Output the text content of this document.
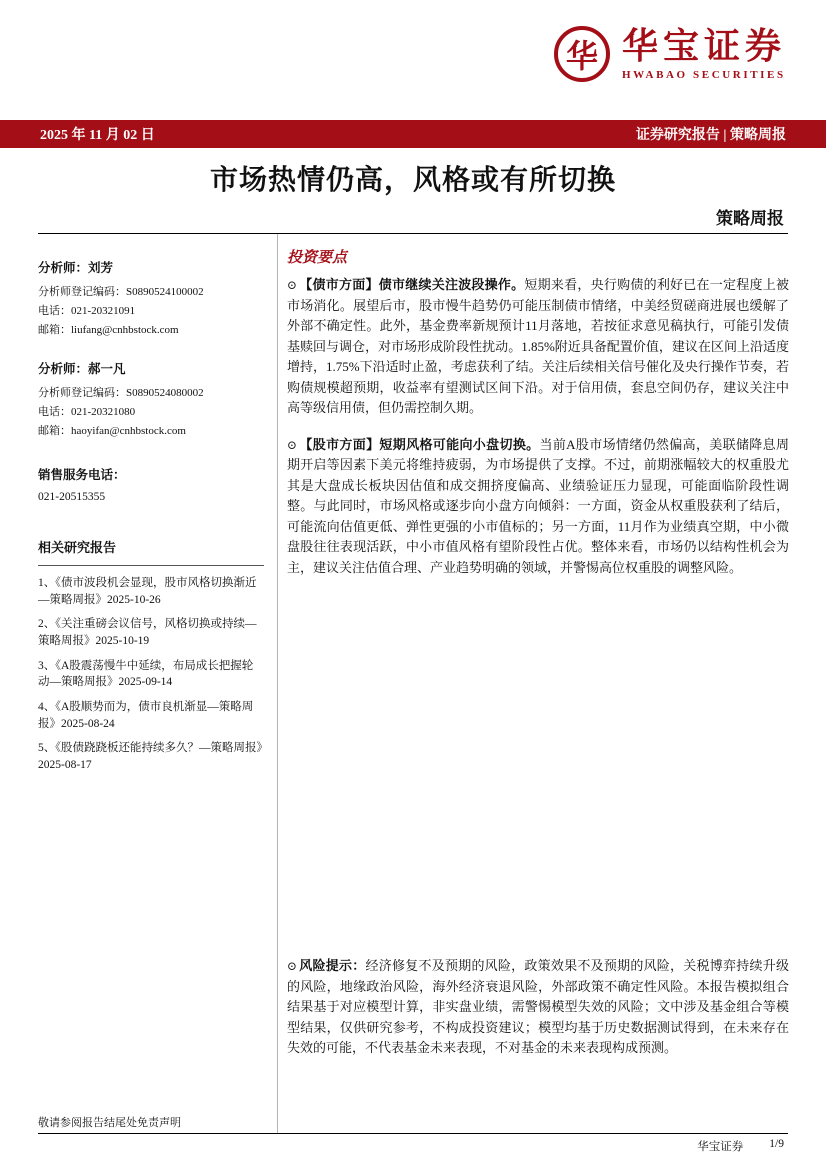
华 华宝证券
HWABAO SECURITIES
2025 年 11 月 02 日	证券研究报告 | 策略周报
市场热情仍高，风格或有所切换
策略周报
分析师：刘芳
分析师登记编码：S0890524100002
电话：021-20321091
邮箱：liufang@cnhbstock.com
分析师：郝一凡
分析师登记编码：S0890524080002
电话：021-20321080
邮箱：haoyifan@cnhbstock.com
销售服务电话：
021-20515355
相关研究报告
1、《债市波段机会显现，股市风格切换渐近—策略周报》2025-10-26
2、《关注重磅会议信号，风格切换或持续—策略周报》2025-10-19
3、《A股震荡慢牛中延续，布局成长把握轮动—策略周报》2025-09-14
4、《A股顺势而为，债市良机渐显—策略周报》2025-08-24
5、《股债跷跷板还能持续多久？—策略周报》2025-08-17
投资要点

⊙ 【债市方面】债市继续关注波段操作。短期来看，央行购债的利好已在一定程度上被市场消化。展望后市，股市慢牛趋势仍可能压制债市情绪，中美经贸磋商进展也缓解了外部不确定性。此外，基金费率新规预计11月落地，若按征求意见稿执行，可能引发债基赎回与调仓，对市场形成阶段性扰动。1.85%附近具备配置价值，建议在区间上沿适度增持，1.75%下沿适时止盈，考虑获利了结。关注后续相关信号催化及央行操作节奏，若购债规模超预期，收益率有望测试区间下沿。对于信用债，套息空间仍存，建议关注中高等级信用债，但仍需控制久期。

⊙ 【股市方面】短期风格可能向小盘切换。当前A股市场情绪仍然偏高，美联储降息周期开启等因素下美元将维持疲弱，为市场提供了支撑。不过，前期涨幅较大的权重股尤其是大盘成长板块因估值和成交拥挤度偏高、业绩验证压力显现，可能面临阶段性调整。与此同时，市场风格或逐步向小盘方向倾斜：一方面，资金从权重股获利了结后，可能流向估值更低、弹性更强的小市值标的；另一方面，11月作为业绩真空期，中小微盘股往往表现活跃，中小市值风格有望阶段性占优。整体来看，市场仍以结构性机会为主，建议关注估值合理、产业趋势明确的领域，并警惕高位权重股的调整风险。

⊙ 风险提示：经济修复不及预期的风险，政策效果不及预期的风险，关税博弈持续升级的风险，地缘政治风险，海外经济衰退风险，外部政策不确定性风险。本报告模拟组合结果基于对应模型计算，非实盘业绩，需警惕模型失效的风险；文中涉及基金组合等模型结果，仅供研究参考，不构成投资建议；模型均基于历史数据测试得到，在未来存在失效的可能，不代表基金未来表现，不对基金的未来表现构成预测。
敬请参阅报告结尾处免责声明
华宝证券 1/9
